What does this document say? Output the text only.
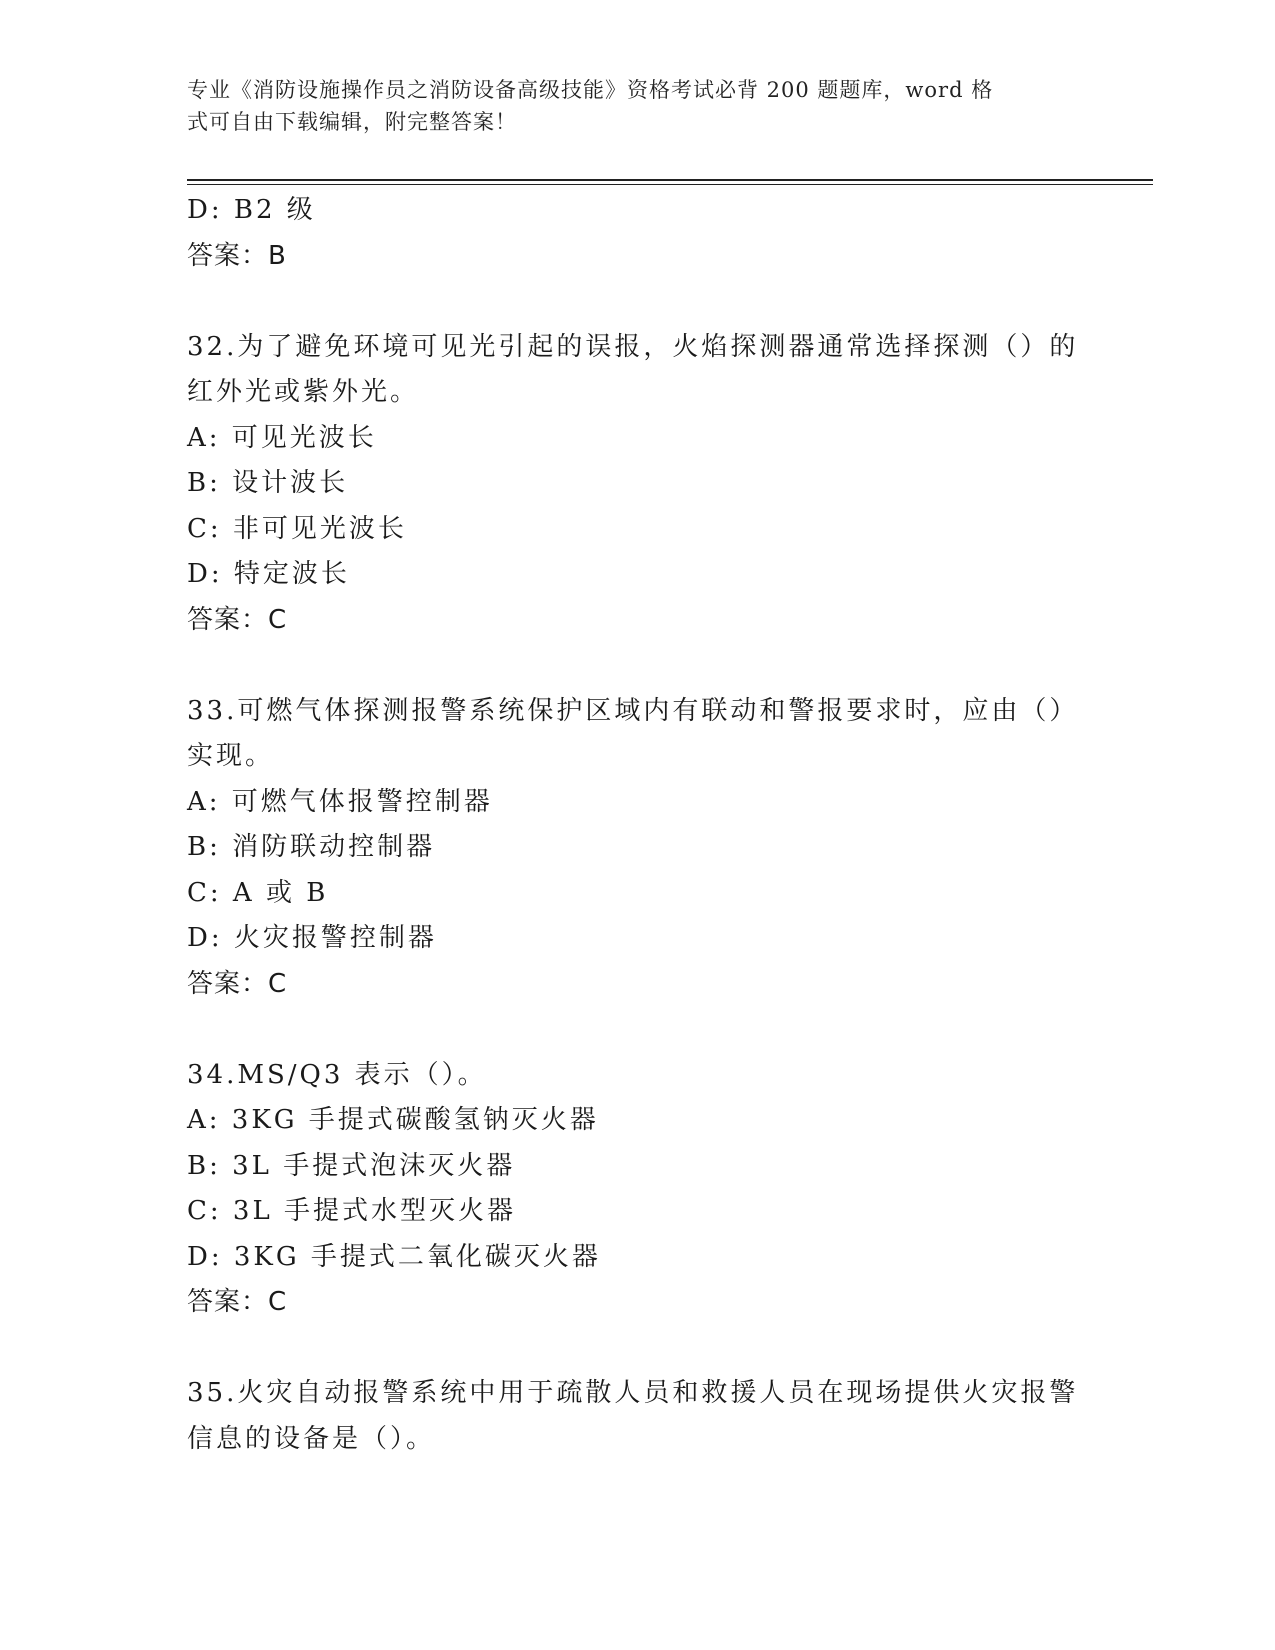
专业《消防设施操作员之消防设备高级技能》资格考试必背 200 题题库，word 格
式可自由下载编辑，附完整答案！
D: B2 级
答案：B
32.为了避免环境可见光引起的误报，火焰探测器通常选择探测（）的
红外光或紫外光。
A: 可见光波长
B: 设计波长
C: 非可见光波长
D: 特定波长
答案：C
33.可燃气体探测报警系统保护区域内有联动和警报要求时，应由（）
实现。
A: 可燃气体报警控制器
B: 消防联动控制器
C: A 或 B
D: 火灾报警控制器
答案：C
34.MS/Q3 表示（）。
A: 3KG 手提式碳酸氢钠灭火器
B: 3L 手提式泡沫灭火器
C: 3L 手提式水型灭火器
D: 3KG 手提式二氧化碳灭火器
答案：C
35.火灾自动报警系统中用于疏散人员和救援人员在现场提供火灾报警
信息的设备是（）。
